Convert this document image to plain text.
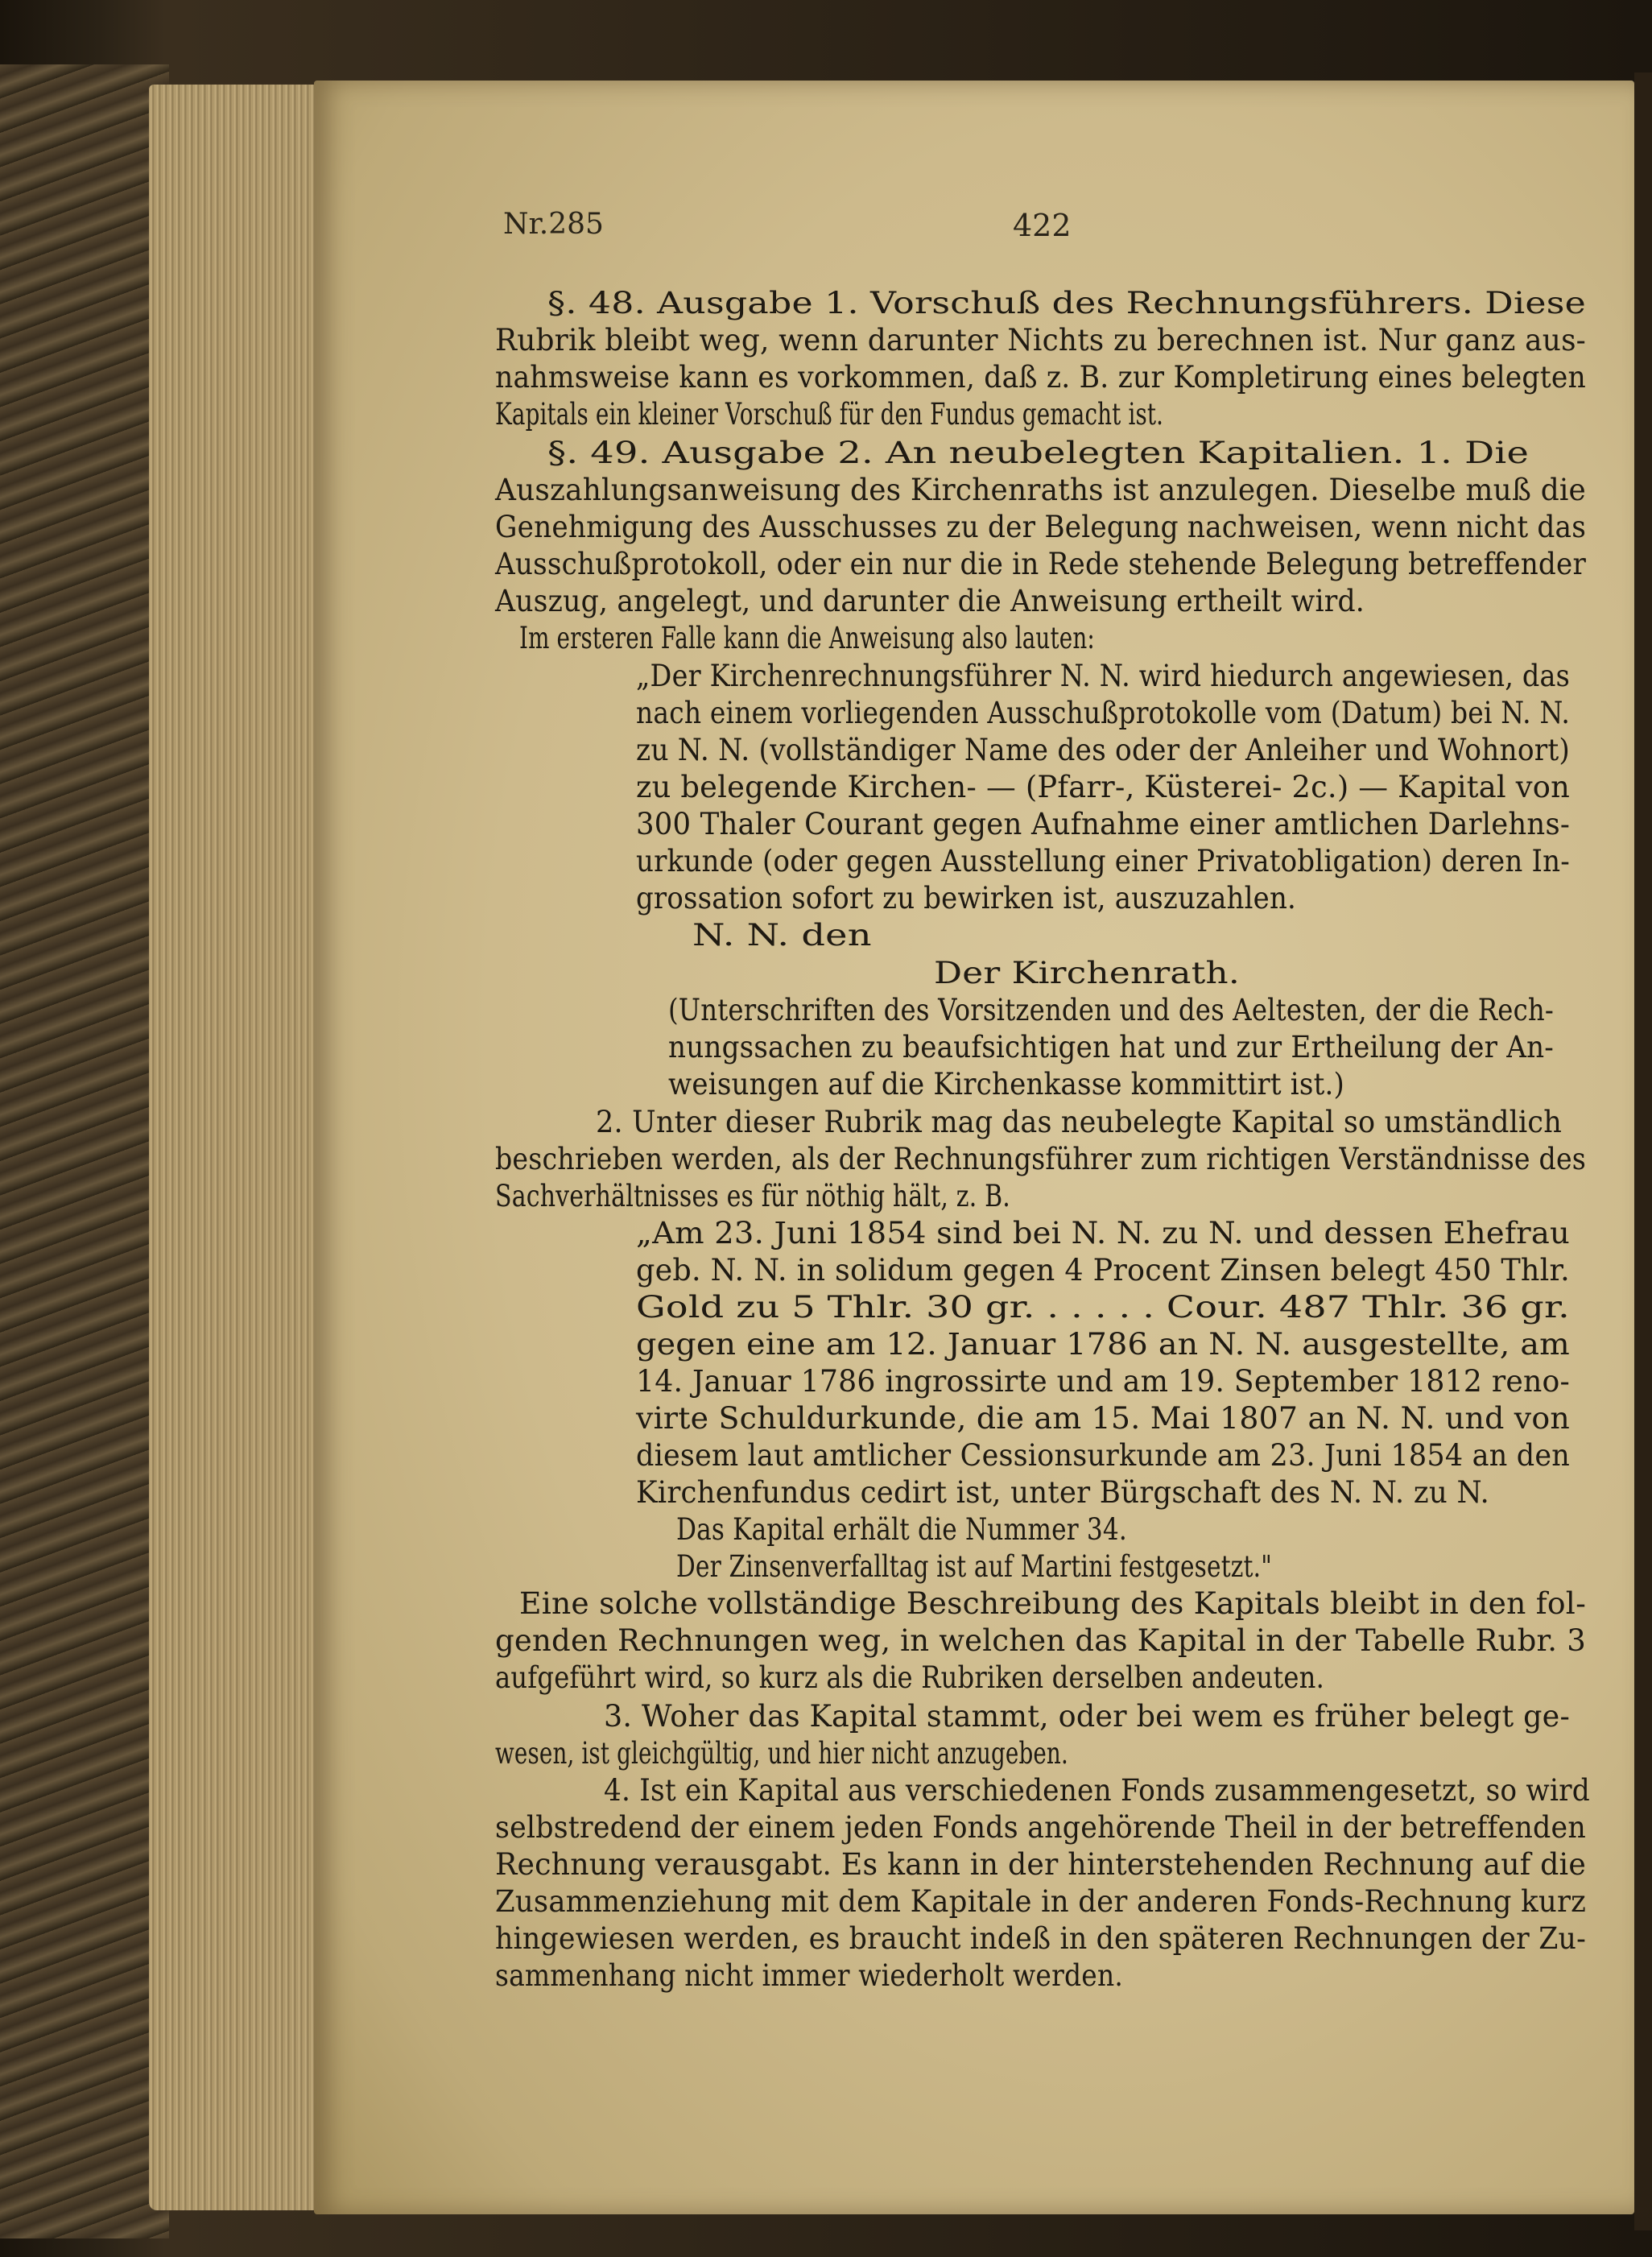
Nr.285	422
§. 48. Ausgabe 1. Vorschuß des Rechnungsführers. Diese
Rubrik bleibt weg, wenn darunter Nichts zu berechnen ist. Nur ganz aus-
nahmsweise kann es vorkommen, daß z. B. zur Kompletirung eines belegten
Kapitals ein kleiner Vorschuß für den Fundus gemacht ist.
§. 49. Ausgabe 2. An neubelegten Kapitalien. 1. Die
Auszahlungsanweisung des Kirchenraths ist anzulegen. Dieselbe muß die
Genehmigung des Ausschusses zu der Belegung nachweisen, wenn nicht das
Ausschußprotokoll, oder ein nur die in Rede stehende Belegung betreffender
Auszug, angelegt, und darunter die Anweisung ertheilt wird.
Im ersteren Falle kann die Anweisung also lauten:
„Der Kirchenrechnungsführer N. N. wird hiedurch angewiesen, das
nach einem vorliegenden Ausschußprotokolle vom (Datum) bei N. N.
zu N. N. (vollständiger Name des oder der Anleiher und Wohnort)
zu belegende Kirchen- — (Pfarr-, Küsterei- 2c.) — Kapital von
300 Thaler Courant gegen Aufnahme einer amtlichen Darlehns-
urkunde (oder gegen Ausstellung einer Privatobligation) deren In-
grossation sofort zu bewirken ist, auszuzahlen.
N. N. den
Der Kirchenrath.
(Unterschriften des Vorsitzenden und des Aeltesten, der die Rech-
nungssachen zu beaufsichtigen hat und zur Ertheilung der An-
weisungen auf die Kirchenkasse kommittirt ist.)
2. Unter dieser Rubrik mag das neubelegte Kapital so umständlich
beschrieben werden, als der Rechnungsführer zum richtigen Verständnisse des
Sachverhältnisses es für nöthig hält, z. B.
„Am 23. Juni 1854 sind bei N. N. zu N. und dessen Ehefrau
geb. N. N. in solidum gegen 4 Procent Zinsen belegt 450 Thlr.
Gold zu 5 Thlr. 30 gr. . . . . . Cour. 487 Thlr. 36 gr.
gegen eine am 12. Januar 1786 an N. N. ausgestellte, am
14. Januar 1786 ingrossirte und am 19. September 1812 reno-
virte Schuldurkunde, die am 15. Mai 1807 an N. N. und von
diesem laut amtlicher Cessionsurkunde am 23. Juni 1854 an den
Kirchenfundus cedirt ist, unter Bürgschaft des N. N. zu N.
Das Kapital erhält die Nummer 34.
Der Zinsenverfalltag ist auf Martini festgesetzt."
Eine solche vollständige Beschreibung des Kapitals bleibt in den fol-
genden Rechnungen weg, in welchen das Kapital in der Tabelle Rubr. 3
aufgeführt wird, so kurz als die Rubriken derselben andeuten.
3. Woher das Kapital stammt, oder bei wem es früher belegt ge-
wesen, ist gleichgültig, und hier nicht anzugeben.
4. Ist ein Kapital aus verschiedenen Fonds zusammengesetzt, so wird
selbstredend der einem jeden Fonds angehörende Theil in der betreffenden
Rechnung verausgabt. Es kann in der hinterstehenden Rechnung auf die
Zusammenziehung mit dem Kapitale in der anderen Fonds-Rechnung kurz
hingewiesen werden, es braucht indeß in den späteren Rechnungen der Zu-
sammenhang nicht immer wiederholt werden.
